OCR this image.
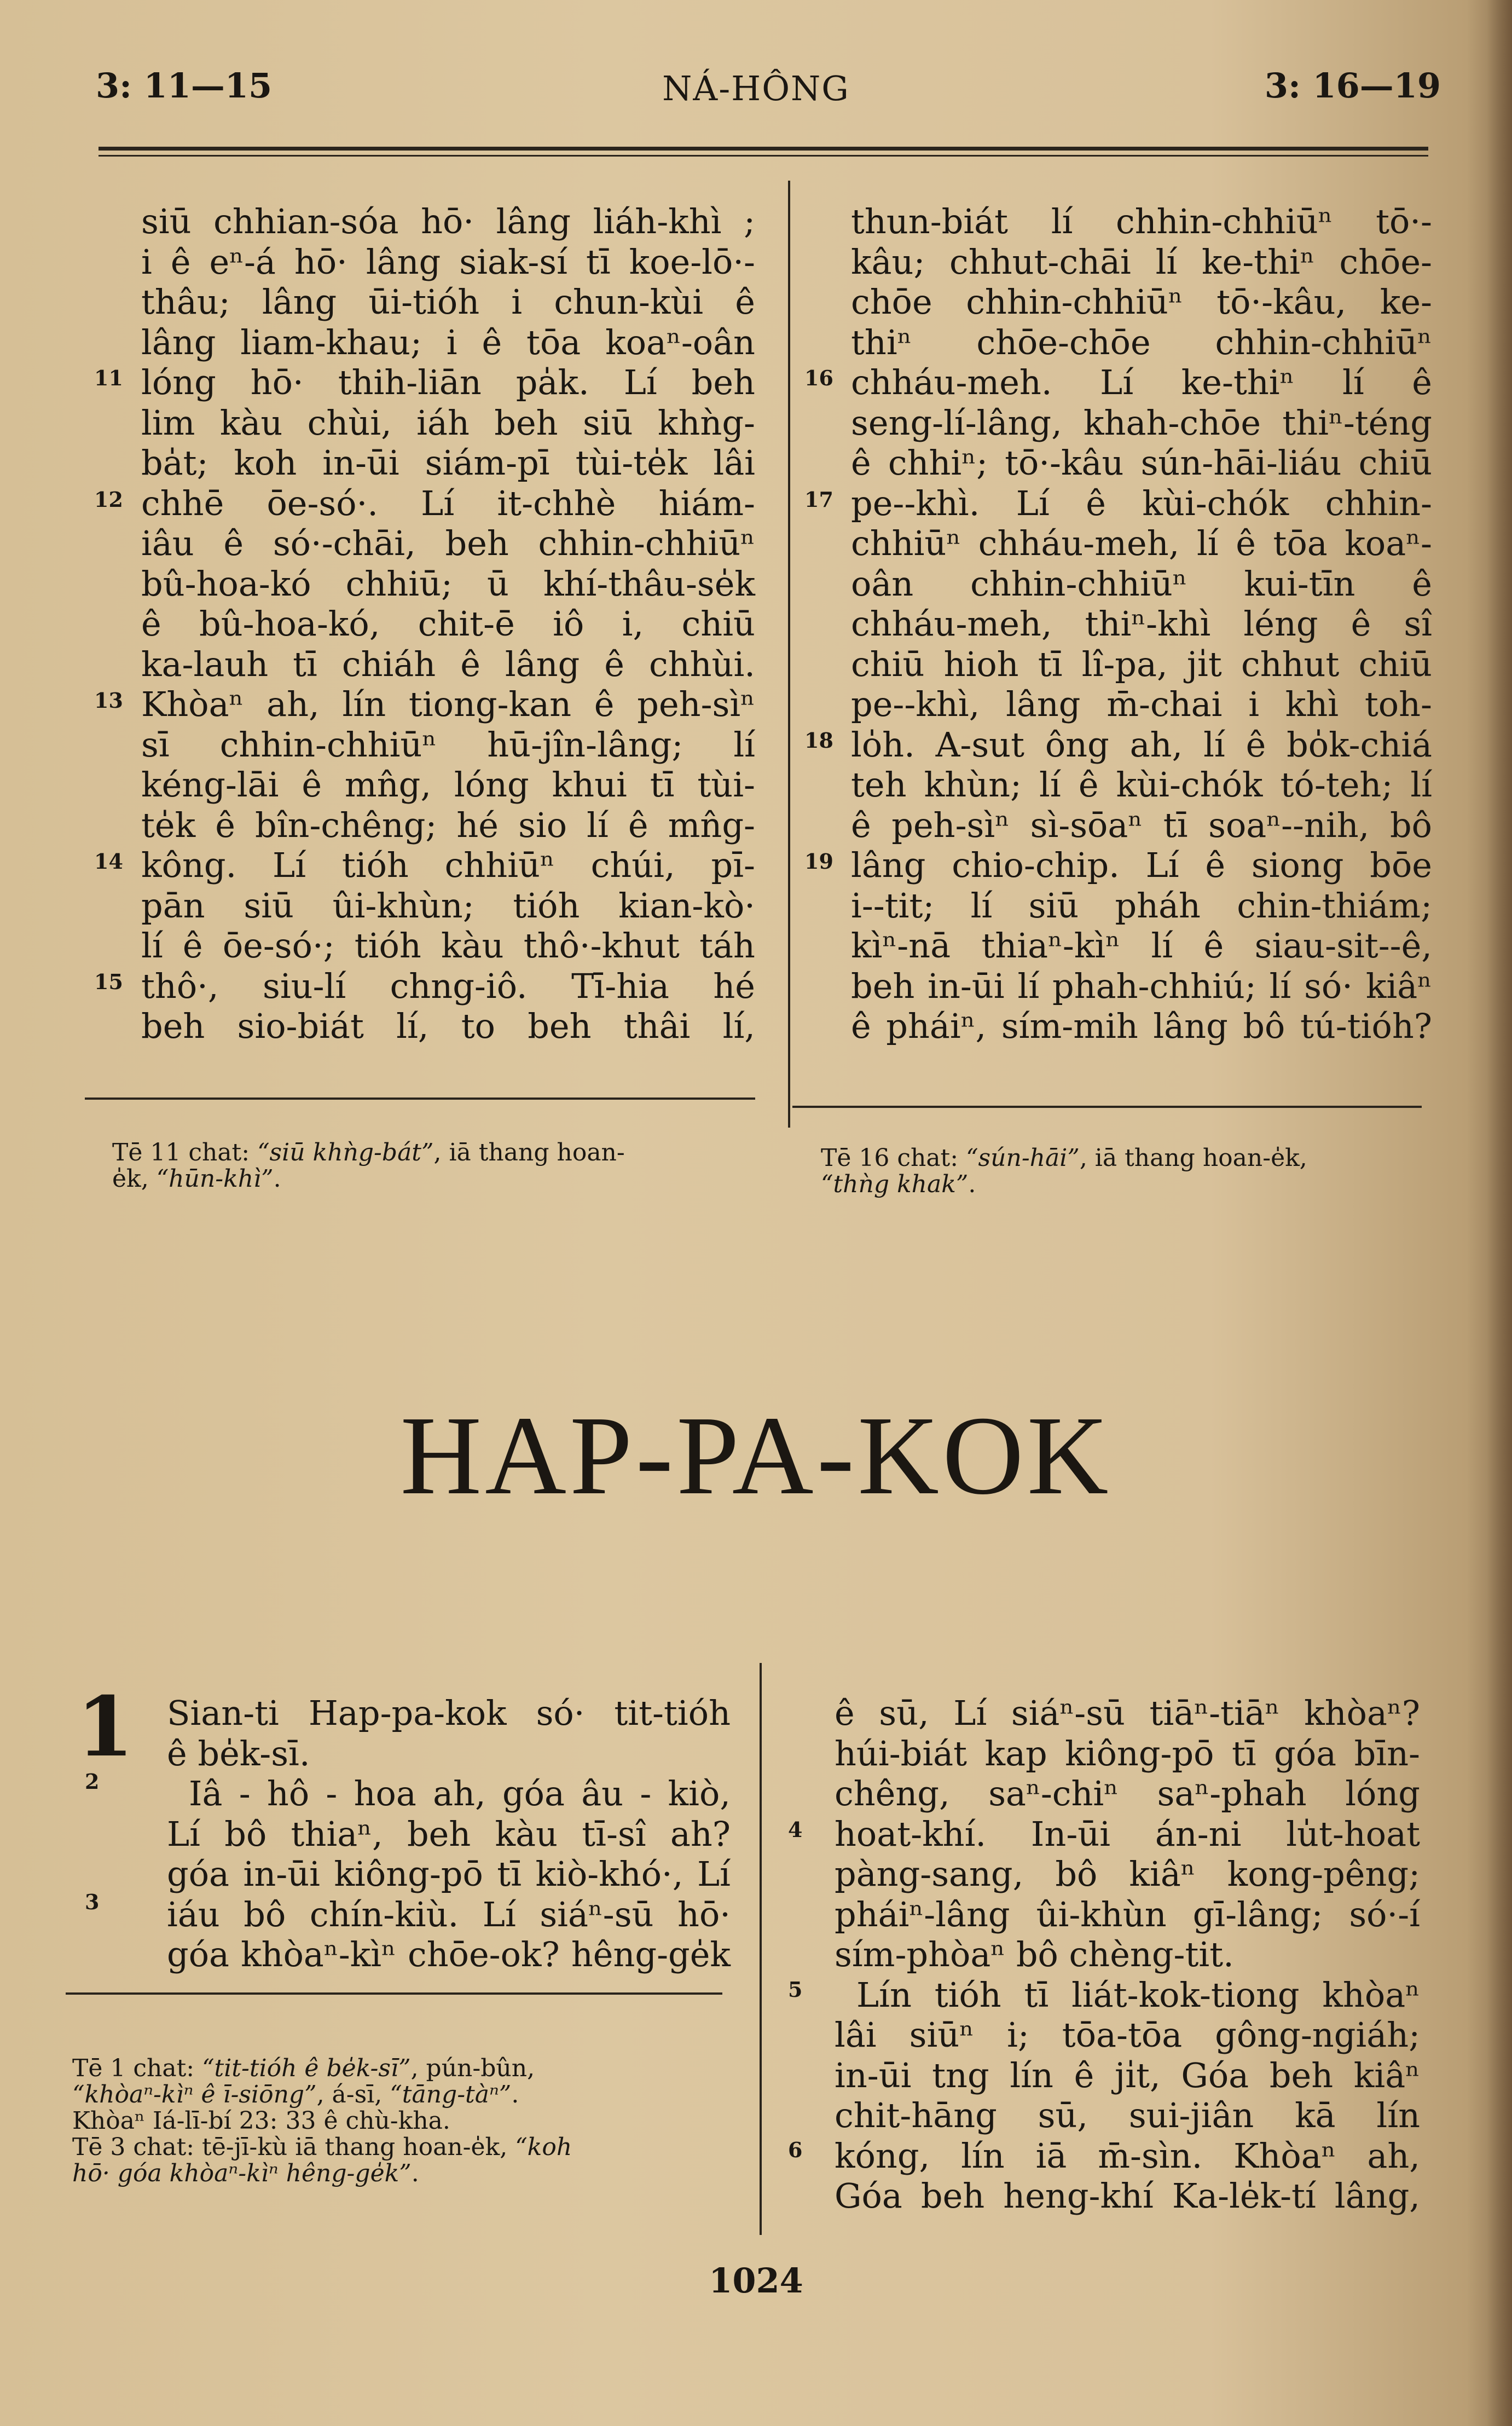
3: 11—15	NÁ-HÔNG	3: 16—19

siū chhian-sóa hō· lâng liáh-khì ;

i ê eⁿ-á hō· lâng siak-sí tī koe-lō·-

thâu; lâng ūi-tióh i chun-kùi ê

lâng liam-khau; i ê tōa koaⁿ-oân

lóng hō· thih-liān pa̍k. Lí beh

lim kàu chùi, iáh beh siū khǹg-

ba̍t; koh in-ūi siám-pī tùi-te̍k lâi

chhē ōe-só·. Lí it-chhè hiám-

iâu ê só·-chāi, beh chhin-chhiūⁿ

bû-hoa-kó chhiū; ū khí-thâu-se̍k

ê bû-hoa-kó, chit-ē iô i, chiū

ka-lauh tī chiáh ê lâng ê chhùi.

Khòaⁿ ah, lín tiong-kan ê peh-sìⁿ

sī chhin-chhiūⁿ hū-jîn-lâng; lí

kéng-lāi ê mn̂g, lóng khui tī tùi-

te̍k ê bîn-chêng; hé sio lí ê mn̂g-

kông. Lí tióh chhiūⁿ chúi, pī-

pān siū ûi-khùn; tióh kian-kò·

lí ê ōe-só·; tióh kàu thô·-khut táh

thô·, siu-lí chng-iô. Tī-hia hé

beh sio-biát lí, to beh thâi lí,

11
12
13
14
15

thun-biát lí chhin-chhiūⁿ tō·-

kâu; chhut-chāi lí ke-thiⁿ chōe-

chōe chhin-chhiūⁿ tō·-kâu, ke-

thiⁿ chōe-chōe chhin-chhiūⁿ

chháu-meh. Lí ke-thiⁿ lí ê

seng-lí-lâng, khah-chōe thiⁿ-téng

ê chhiⁿ; tō·-kâu sún-hāi-liáu chiū

pe--khì. Lí ê kùi-chók chhin-

chhiūⁿ chháu-meh, lí ê tōa koaⁿ-

oân chhin-chhiūⁿ kui-tīn ê

chháu-meh, thiⁿ-khì léng ê sî

chiū hioh tī lî-pa, ji̍t chhut chiū

pe--khì, lâng m̄-chai i khì toh-

lo̍h. A-sut ông ah, lí ê bo̍k-chiá

teh khùn; lí ê kùi-chók tó-teh; lí

ê peh-sìⁿ sì-sōaⁿ tī soaⁿ--nih, bô

lâng chio-chip. Lí ê siong bōe

i--tit; lí siū pháh chin-thiám;

kìⁿ-nā thiaⁿ-kìⁿ lí ê siau-sit--ê,

beh in-ūi lí phah-chhiú; lí só· kiâⁿ

ê pháiⁿ, sím-mih lâng bô tú-tióh?

16
17
18
19
Tē 11 chat: “siū khǹg-bát”, iā thang hoan-
e̍k, “hūn-khì”.
Tē 16 chat: “sún-hāi”, iā thang hoan-e̍k,
“thǹg khak”.
HAP-PA-KOK
1 Sian-ti Hap-pa-kok só· tit-tióh

ê be̍k-sī.

Iâ - hô - hoa ah, góa âu - kiò,

Lí bô thiaⁿ, beh kàu tī-sî ah?

góa in-ūi kiông-pō tī kiò-khó·, Lí

iáu bô chín-kiù. Lí siáⁿ-sū hō·

góa khòaⁿ-kìⁿ chōe-ok? hêng-ge̍k

2
3
Tē 1 chat: “tit-tióh ê be̍k-sī”, pún-bûn,
“khòaⁿ-kìⁿ ê ī-siōng”, á-sī, “tāng-tàⁿ”.
Khòaⁿ Iá-lī-bí 23: 33 ê chù-kha.
Tē 3 chat: tē-jī-kù iā thang hoan-e̍k, “koh
hō· góa khòaⁿ-kìⁿ hêng-ge̍k”.

ê sū, Lí siáⁿ-sū tiāⁿ-tiāⁿ khòaⁿ?

húi-biát kap kiông-pō tī góa bīn-

chêng, saⁿ-chiⁿ saⁿ-phah lóng

hoat-khí. In-ūi án-ni lu̍t-hoat

pàng-sang, bô kiâⁿ kong-pêng;

pháiⁿ-lâng ûi-khùn gī-lâng; só·-í

sím-phòaⁿ bô chèng-tit.

Lín tióh tī liát-kok-tiong khòaⁿ

lâi siūⁿ i; tōa-tōa gông-ngiáh;

in-ūi tng lín ê ji̍t, Góa beh kiâⁿ

chit-hāng sū, sui-jiân kā lín

kóng, lín iā m̄-sìn. Khòaⁿ ah,

Góa beh heng-khí Ka-le̍k-tí lâng,

4
5
6
1024
